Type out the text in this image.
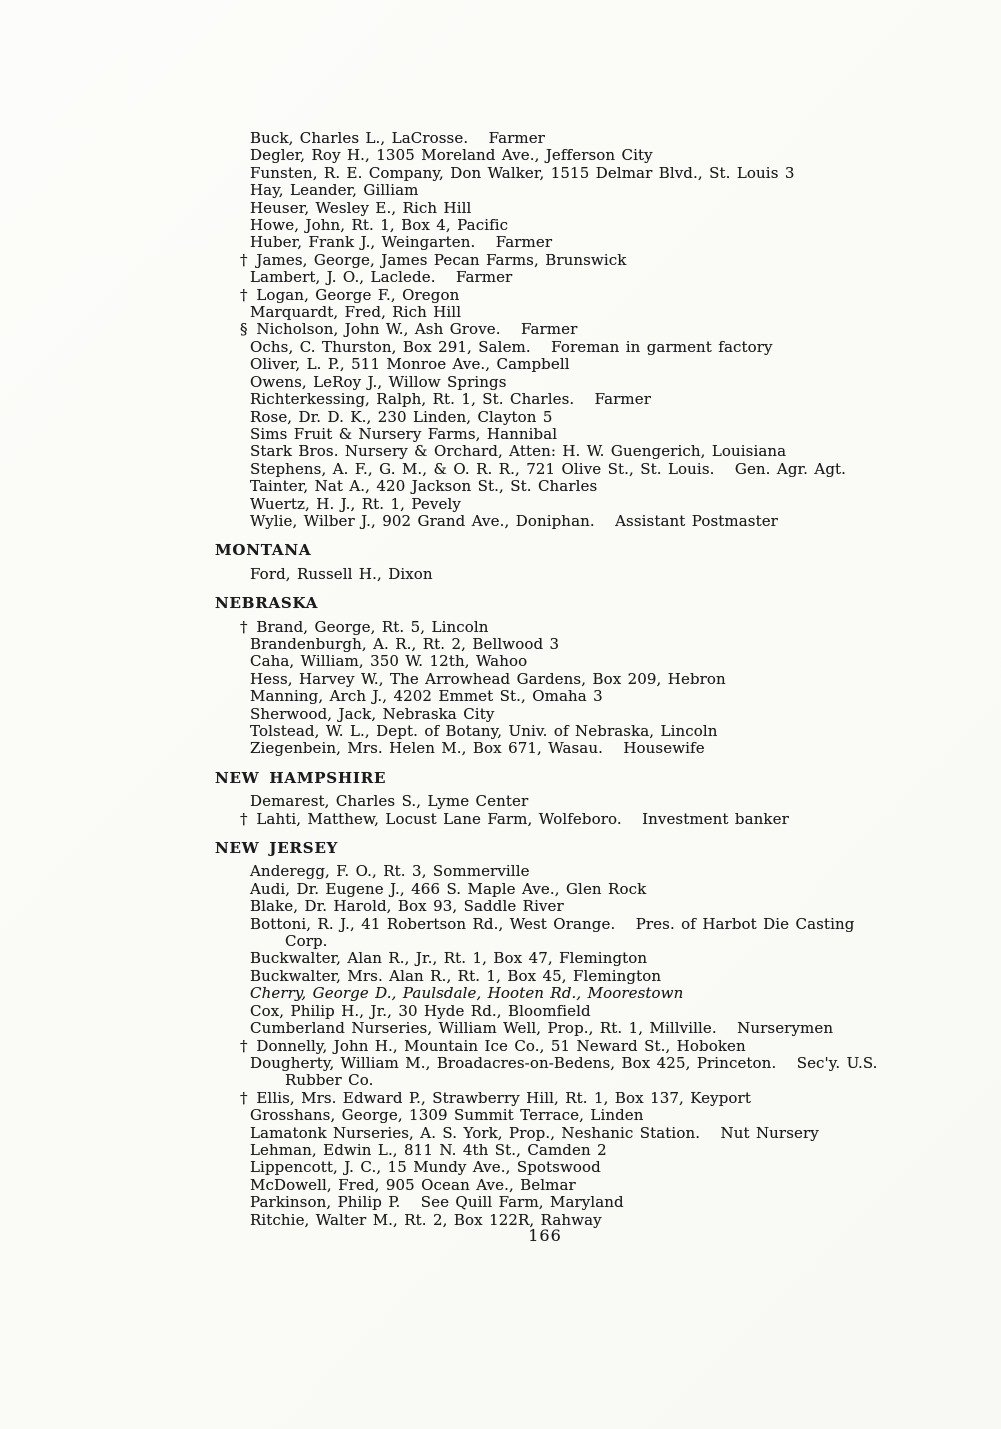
Buck, Charles L., LaCrosse. Farmer

Degler, Roy H., 1305 Moreland Ave., Jefferson City

Funsten, R. E. Company, Don Walker, 1515 Delmar Blvd., St. Louis 3

Hay, Leander, Gilliam

Heuser, Wesley E., Rich Hill

Howe, John, Rt. 1, Box 4, Pacific

Huber, Frank J., Weingarten. Farmer

† James, George, James Pecan Farms, Brunswick

Lambert, J. O., Laclede. Farmer

† Logan, George F., Oregon

Marquardt, Fred, Rich Hill

§ Nicholson, John W., Ash Grove. Farmer

Ochs, C. Thurston, Box 291, Salem. Foreman in garment factory

Oliver, L. P., 511 Monroe Ave., Campbell

Owens, LeRoy J., Willow Springs

Richterkessing, Ralph, Rt. 1, St. Charles. Farmer

Rose, Dr. D. K., 230 Linden, Clayton 5

Sims Fruit & Nursery Farms, Hannibal

Stark Bros. Nursery & Orchard, Atten: H. W. Guengerich, Louisiana

Stephens, A. F., G. M., & O. R. R., 721 Olive St., St. Louis. Gen. Agr. Agt.

Tainter, Nat A., 420 Jackson St., St. Charles

Wuertz, H. J., Rt. 1, Pevely

Wylie, Wilber J., 902 Grand Ave., Doniphan. Assistant Postmaster

MONTANA

Ford, Russell H., Dixon

NEBRASKA

† Brand, George, Rt. 5, Lincoln

Brandenburgh, A. R., Rt. 2, Bellwood 3

Caha, William, 350 W. 12th, Wahoo

Hess, Harvey W., The Arrowhead Gardens, Box 209, Hebron

Manning, Arch J., 4202 Emmet St., Omaha 3

Sherwood, Jack, Nebraska City

Tolstead, W. L., Dept. of Botany, Univ. of Nebraska, Lincoln

Ziegenbein, Mrs. Helen M., Box 671, Wasau. Housewife

NEW HAMPSHIRE

Demarest, Charles S., Lyme Center

† Lahti, Matthew, Locust Lane Farm, Wolfeboro. Investment banker

NEW JERSEY

Anderegg, F. O., Rt. 3, Sommerville

Audi, Dr. Eugene J., 466 S. Maple Ave., Glen Rock

Blake, Dr. Harold, Box 93, Saddle River

Bottoni, R. J., 41 Robertson Rd., West Orange. Pres. of Harbot Die Casting
Corp.

Buckwalter, Alan R., Jr., Rt. 1, Box 47, Flemington

Buckwalter, Mrs. Alan R., Rt. 1, Box 45, Flemington

Cherry, George D., Paulsdale, Hooten Rd., Moorestown

Cox, Philip H., Jr., 30 Hyde Rd., Bloomfield

Cumberland Nurseries, William Well, Prop., Rt. 1, Millville. Nurserymen

† Donnelly, John H., Mountain Ice Co., 51 Neward St., Hoboken

Dougherty, William M., Broadacres-on-Bedens, Box 425, Princeton. Sec'y. U.S.
Rubber Co.

† Ellis, Mrs. Edward P., Strawberry Hill, Rt. 1, Box 137, Keyport

Grosshans, George, 1309 Summit Terrace, Linden

Lamatonk Nurseries, A. S. York, Prop., Neshanic Station. Nut Nursery

Lehman, Edwin L., 811 N. 4th St., Camden 2

Lippencott, J. C., 15 Mundy Ave., Spotswood

McDowell, Fred, 905 Ocean Ave., Belmar

Parkinson, Philip P. See Quill Farm, Maryland

Ritchie, Walter M., Rt. 2, Box 122R, Rahway

166
